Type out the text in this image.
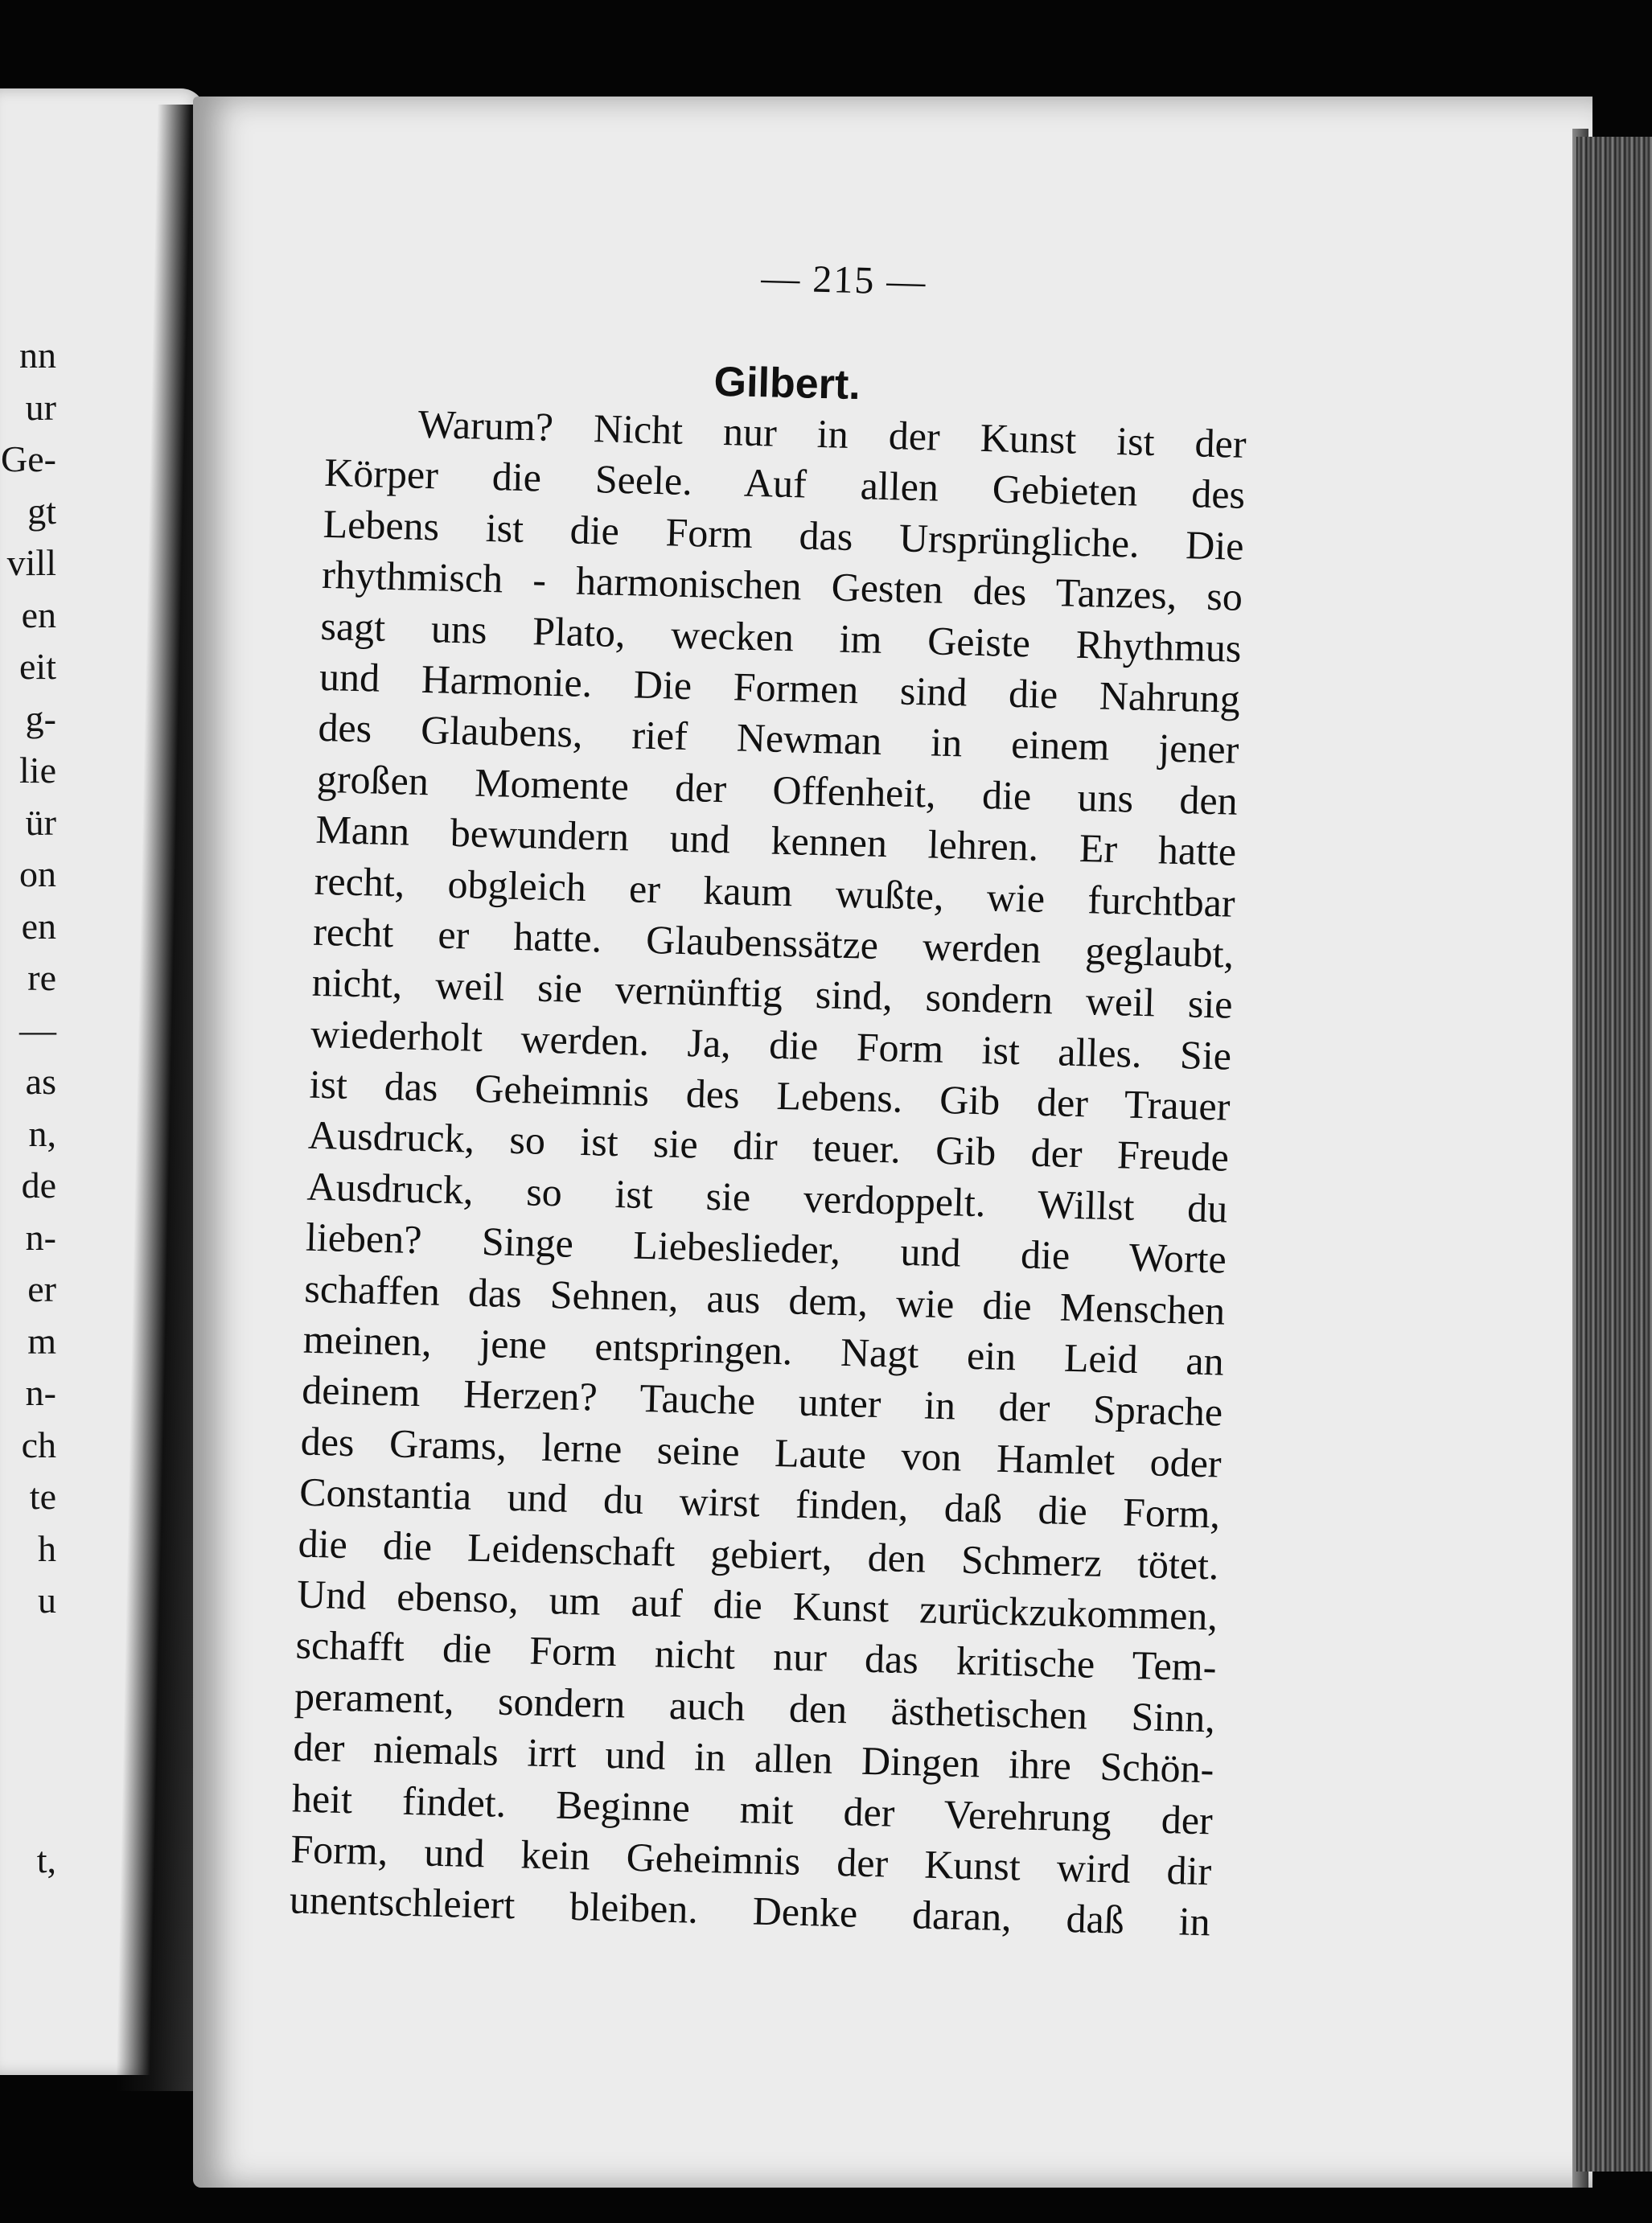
nn
ur
Ge-
gt
vill
en
eit
g-
lie
ür
on
en
re
—
as
n,
de
n-
er
m
n-
ch
te
h
u
t,
— 215 —
Gilbert.
Warum? Nicht nur in der Kunst ist der
Körper die Seele. Auf allen Gebieten des
Lebens ist die Form das Ursprüngliche. Die
rhythmisch - harmonischen Gesten des Tanzes, so
sagt uns Plato, wecken im Geiste Rhythmus
und Harmonie. Die Formen sind die Nahrung
des Glaubens, rief Newman in einem jener
großen Momente der Offenheit, die uns den
Mann bewundern und kennen lehren. Er hatte
recht, obgleich er kaum wußte, wie furchtbar
recht er hatte. Glaubenssätze werden geglaubt,
nicht, weil sie vernünftig sind, sondern weil sie
wiederholt werden. Ja, die Form ist alles. Sie
ist das Geheimnis des Lebens. Gib der Trauer
Ausdruck, so ist sie dir teuer. Gib der Freude
Ausdruck, so ist sie verdoppelt. Willst du
lieben? Singe Liebeslieder, und die Worte
schaffen das Sehnen, aus dem, wie die Menschen
meinen, jene entspringen. Nagt ein Leid an
deinem Herzen? Tauche unter in der Sprache
des Grams, lerne seine Laute von Hamlet oder
Constantia und du wirst finden, daß die Form,
die die Leidenschaft gebiert, den Schmerz tötet.
Und ebenso, um auf die Kunst zurückzukommen,
schafft die Form nicht nur das kritische Tem-
perament, sondern auch den ästhetischen Sinn,
der niemals irrt und in allen Dingen ihre Schön-
heit findet. Beginne mit der Verehrung der
Form, und kein Geheimnis der Kunst wird dir
unentschleiert bleiben. Denke daran, daß in
